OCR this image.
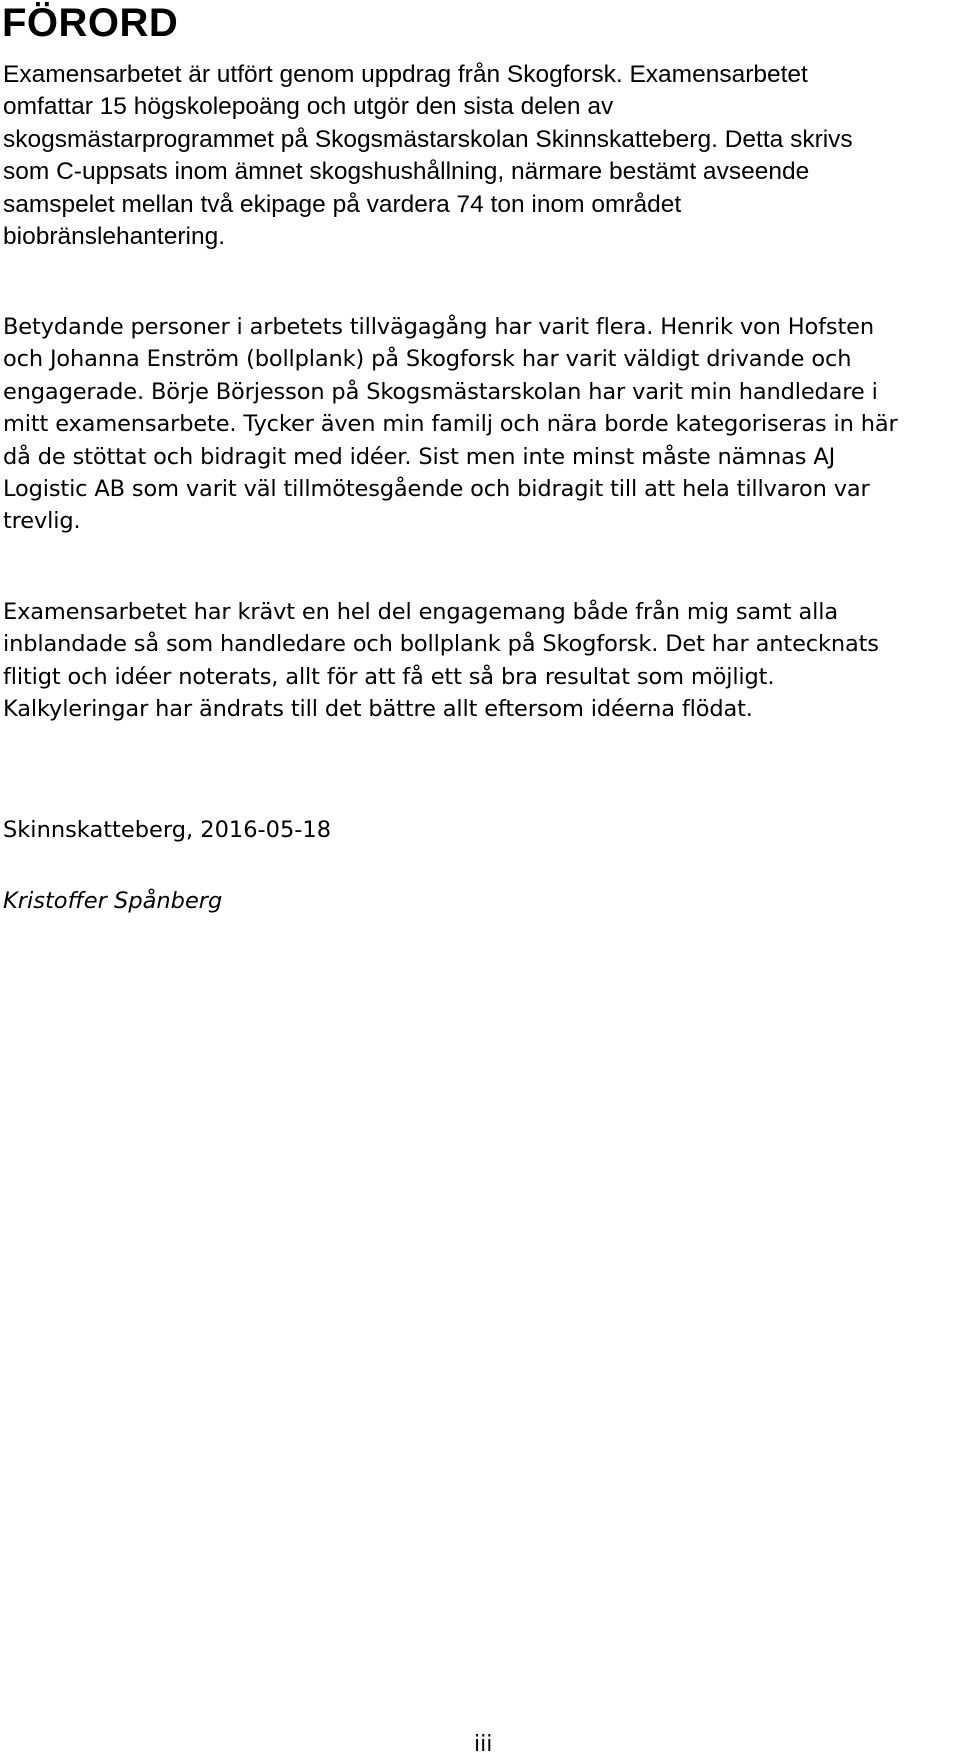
FÖRORD

Examensarbetet är utfört genom uppdrag från Skogforsk. Examensarbetet
omfattar 15 högskolepoäng och utgör den sista delen av
skogsmästarprogrammet på Skogsmästarskolan Skinnskatteberg. Detta skrivs
som C-uppsats inom ämnet skogshushållning, närmare bestämt avseende
samspelet mellan två ekipage på vardera 74 ton inom området
biobränslehantering.

Betydande personer i arbetets tillvägagång har varit flera. Henrik von Hofsten
och Johanna Enström (bollplank) på Skogforsk har varit väldigt drivande och
engagerade. Börje Börjesson på Skogsmästarskolan har varit min handledare i
mitt examensarbete. Tycker även min familj och nära borde kategoriseras in här
då de stöttat och bidragit med idéer. Sist men inte minst måste nämnas AJ
Logistic AB som varit väl tillmötesgående och bidragit till att hela tillvaron var
trevlig.

Examensarbetet har krävt en hel del engagemang både från mig samt alla
inblandade så som handledare och bollplank på Skogforsk. Det har antecknats
flitigt och idéer noterats, allt för att få ett så bra resultat som möjligt.
Kalkyleringar har ändrats till det bättre allt eftersom idéerna flödat.

Skinnskatteberg, 2016-05-18

Kristoffer Spånberg

iii
